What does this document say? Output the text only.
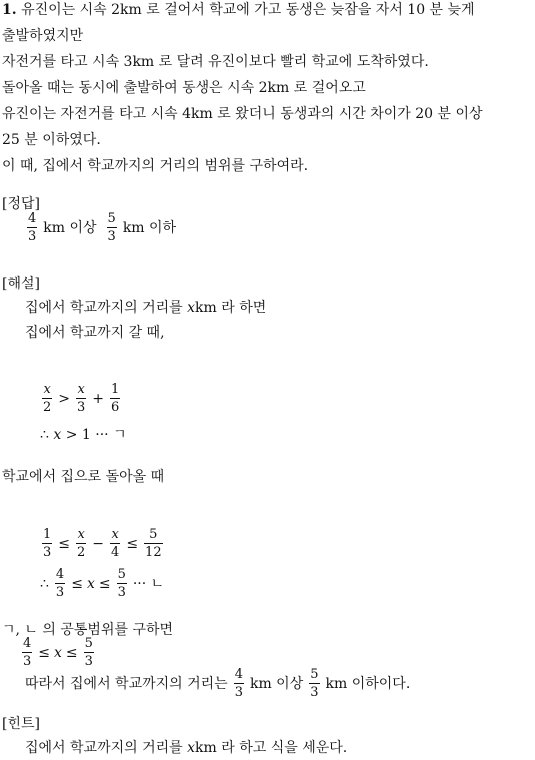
1. 유진이는 시속 2km 로 걸어서 학교에 가고 동생은 늦잠을 자서 10 분 늦게
출발하였지만
자전거를 타고 시속 3km 로 달려 유진이보다 빨리 학교에 도착하였다.
돌아올 때는 동시에 출발하여 동생은 시속 2km 로 걸어오고
유진이는 자전거를 타고 시속 4km 로 왔더니 동생과의 시간 차이가 20 분 이상
25 분 이하였다.
이 때, 집에서 학교까지의 거리의 범위를 구하여라.
[정답]
$\frac{4}{3}$ km 이상 $\frac{5}{3}$ km 이하
[해설]
집에서 학교까지의 거리를 xkm 라 하면
집에서 학교까지 갈 때,
$\frac{x}{2} > \frac{x}{3} + \frac{1}{6}$
∴ x > 1 ··· ㄱ
학교에서 집으로 돌아올 때
$\frac{1}{3} \le \frac{x}{2} - \frac{x}{4} \le \frac{5}{12}$
∴ $\frac{4}{3} \le x \le \frac{5}{3}$ ··· ㄴ
ㄱ, ㄴ 의 공통범위를 구하면
$\frac{4}{3} \le x \le \frac{5}{3}$
따라서 집에서 학교까지의 거리는 $\frac{4}{3}$ km 이상 $\frac{5}{3}$ km 이하이다.
[힌트]
집에서 학교까지의 거리를 xkm 라 하고 식을 세운다.
